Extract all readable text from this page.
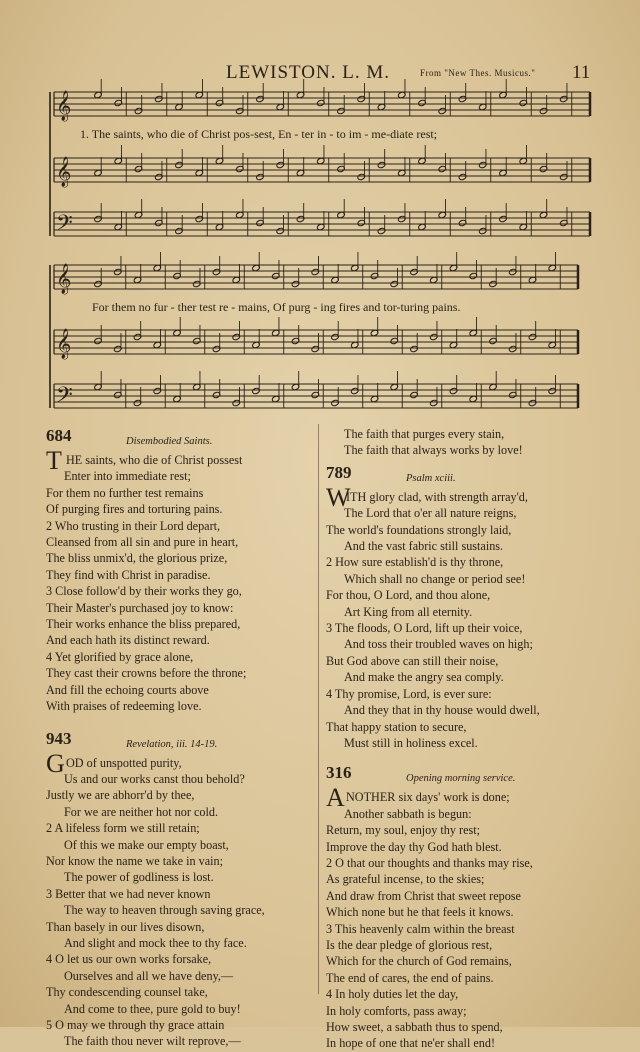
LEWISTON. L. M.	From "New Thes. Musicus." 11
𝄞
𝄞
𝄢
𝄞
𝄞
𝄢
1. The saints, who die of Christ pos-sest, En - ter in - to im - me-diate rest;
For them no fur - ther test re - mains, Of purg - ing fires and tor-turing pains.
684	Disembodied Saints.
T HE saints, who die of Christ possest
Enter into immediate rest;
For them no further test remains
Of purging fires and torturing pains.
2 Who trusting in their Lord depart,
Cleansed from all sin and pure in heart,
The bliss unmix'd, the glorious prize,
They find with Christ in paradise.
3 Close follow'd by their works they go,
Their Master's purchased joy to know:
Their works enhance the bliss prepared,
And each hath its distinct reward.
4 Yet glorified by grace alone,
They cast their crowns before the throne;
And fill the echoing courts above
With praises of redeeming love.
943	Revelation, iii. 14-19.
G OD of unspotted purity,
Us and our works canst thou behold?
Justly we are abhorr'd by thee,
For we are neither hot nor cold.
2 A lifeless form we still retain;
Of this we make our empty boast,
Nor know the name we take in vain;
The power of godliness is lost.
3 Better that we had never known
The way to heaven through saving grace,
Than basely in our lives disown,
And slight and mock thee to thy face.
4 O let us our own works forsake,
Ourselves and all we have deny,—
Thy condescending counsel take,
And come to thee, pure gold to buy!
5 O may we through thy grace attain
The faith thou never wilt reprove,—
The faith that purges every stain,
The faith that always works by love!
789	Psalm xciii.
W
ITH glory clad, with strength array'd,
The Lord that o'er all nature reigns,
The world's foundations strongly laid,
And the vast fabric still sustains.
2 How sure establish'd is thy throne,
Which shall no change or period see!
For thou, O Lord, and thou alone,
Art King from all eternity.
3 The floods, O Lord, lift up their voice,
And toss their troubled waves on high;
But God above can still their noise,
And make the angry sea comply.
4 Thy promise, Lord, is ever sure:
And they that in thy house would dwell,
That happy station to secure,
Must still in holiness excel.
316	Opening morning service.
A NOTHER six days' work is done;
Another sabbath is begun:
Return, my soul, enjoy thy rest;
Improve the day thy God hath blest.
2 O that our thoughts and thanks may rise,
As grateful incense, to the skies;
And draw from Christ that sweet repose
Which none but he that feels it knows.
3 This heavenly calm within the breast
Is the dear pledge of glorious rest,
Which for the church of God remains,
The end of cares, the end of pains.
4 In holy duties let the day,
In holy comforts, pass away;
How sweet, a sabbath thus to spend,
In hope of one that ne'er shall end!
